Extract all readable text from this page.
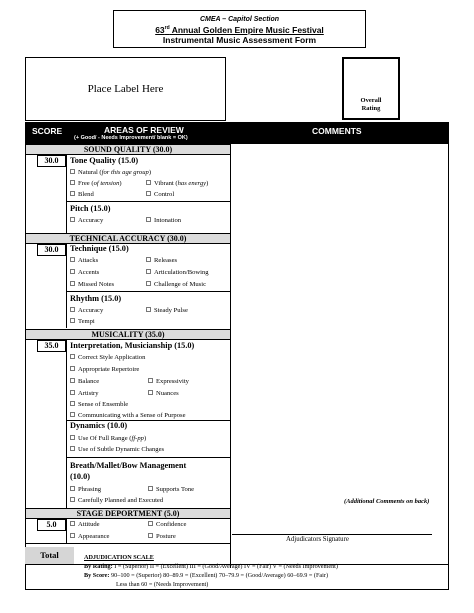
CMEA – Capitol Section
63rd Annual Golden Empire Music Festival
Instrumental Music Assessment Form
Place Label Here
Overall
Rating
SCORE	AREAS OF REVIEW
(+ Good/ - Needs Improvement/ blank = OK)
COMMENTS
SOUND QUALITY (30.0)
30.0	Tone Quality (15.0)
Natural (for this age group)
Free (of tension)	Vibrant (has energy)
Blend	Control
Pitch (15.0)
Accuracy	Intonation
TECHNICAL ACCURACY (30.0)
30.0	Technique (15.0)
Attacks	Releases
Accents	Articulation/Bowing
Missed Notes	Challenge of Music
Rhythm (15.0)
Accuracy	Steady Pulse
Tempi
MUSICALITY (35.0)
35.0	Interpretation, Musicianship (15.0)
Correct Style Application
Appropriate Repertoire
Balance	Expressivity
Artistry	Nuances
Sense of Ensemble
Communicating with a Sense of Purpose
Dynamics (10.0)
Use Of Full Range (ff-pp)
Use of Subtle Dynamic Changes
Breath/Mallet/Bow Management
(10.0)
Phrasing	Supports Tone
Carefully Planned and Executed
STAGE DEPORTMENT (5.0)
5.0	Attitude	Confidence
Appearance	Posture
(Additional Comments on back)
Adjudicators Signature
Total	ADJUDICATION SCALE
By Rating: I = (Superior) II = (Excellent) III = (Good/Average) IV = (Fair) V = (Needs Improvement)
By Score: 90–100 = (Superior) 80–89.9 = (Excellent) 70–79.9 = (Good/Average) 60–69.9 = (Fair)
Less than 60 = (Needs Improvement)
